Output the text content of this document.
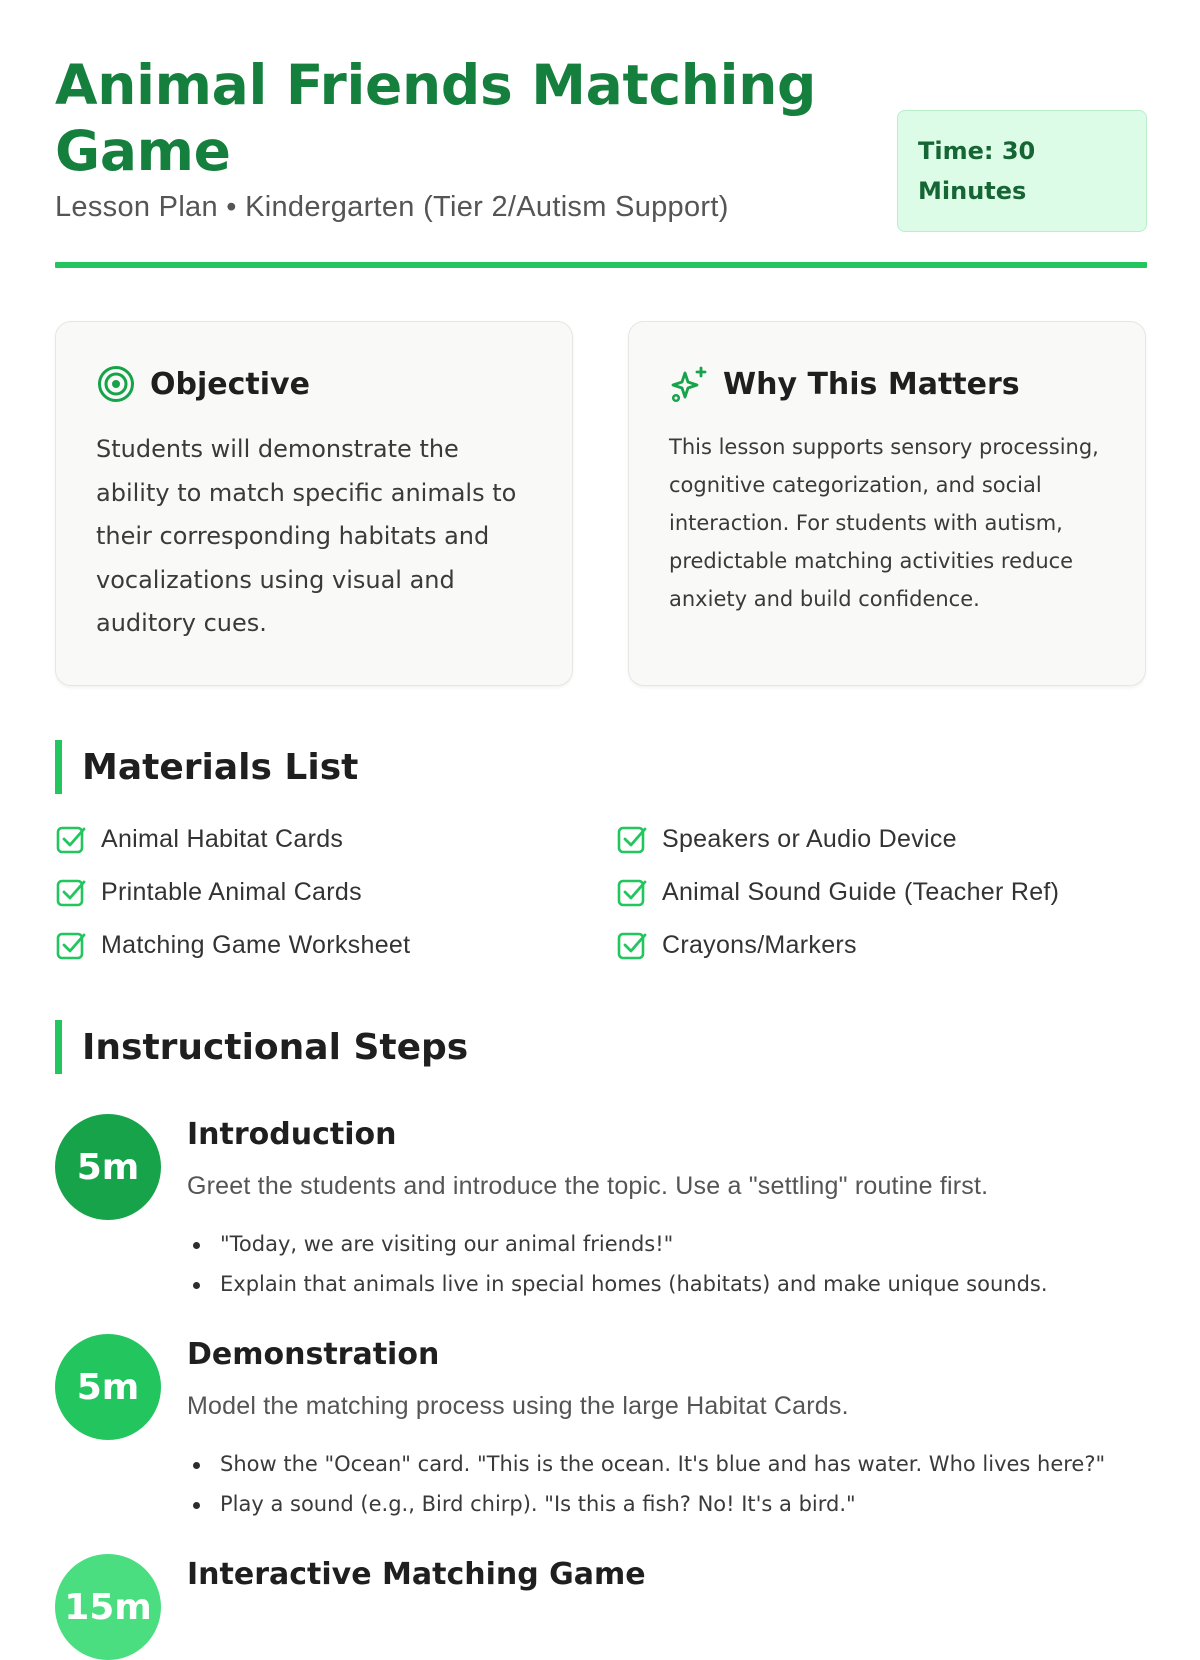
Animal Friends Matching Game
Lesson Plan • Kindergarten (Tier 2/Autism Support)
Time: 30 Minutes
Objective

Students will demonstrate the ability to match specific animals to their corresponding habitats and vocalizations using visual and auditory cues.

Why This Matters

This lesson supports sensory processing, cognitive categorization, and social interaction. For students with autism, predictable matching activities reduce anxiety and build confidence.

Materials List
Animal Habitat Cards
Printable Animal Cards
Matching Game Worksheet
Speakers or Audio Device
Animal Sound Guide (Teacher Ref)
Crayons/Markers
Instructional Steps
5m
Introduction

Greet the students and introduce the topic. Use a "settling" routine first.

"Today, we are visiting our animal friends!"
Explain that animals live in special homes (habitats) and make unique sounds.
5m
Demonstration

Model the matching process using the large Habitat Cards.

Show the "Ocean" card. "This is the ocean. It's blue and has water. Who lives here?"
Play a sound (e.g., Bird chirp). "Is this a fish? No! It's a bird."
15m
Interactive Matching Game
